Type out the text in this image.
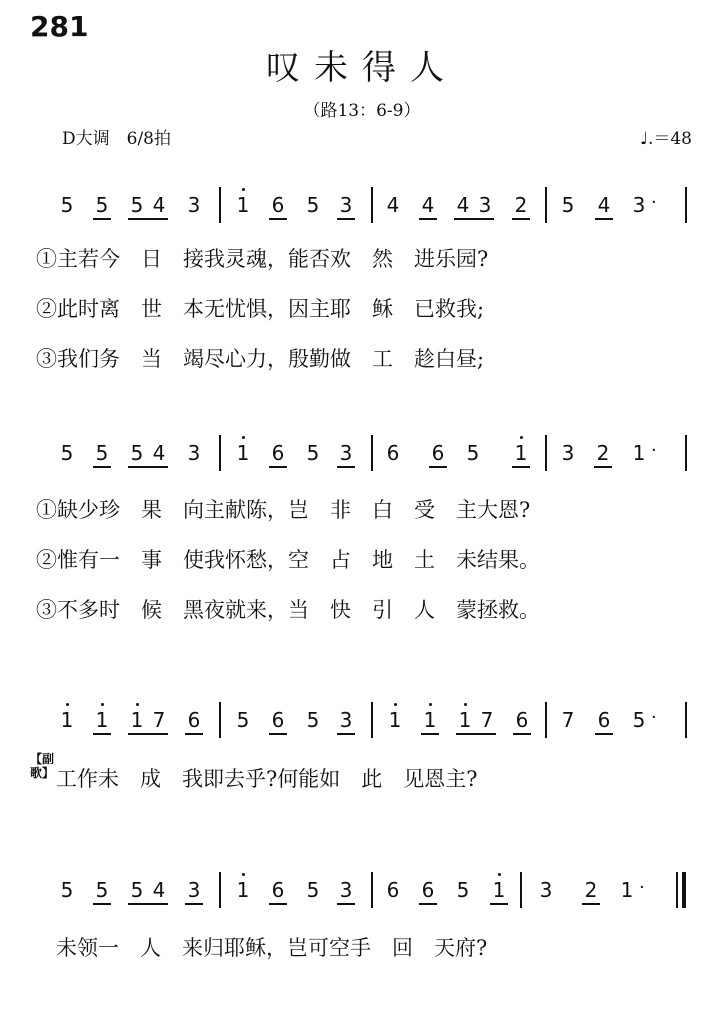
281
叹未得人
（路13：6-9）
D大调　6/8拍	♩.＝48
5 5 5 4 3 1 6 5 3 4 4 4 3 2 5 4 3 ·
①主若今　日　接我灵魂，能否欢　然　进乐园?
②此时离　世　本无忧惧，因主耶　稣　已救我;
③我们务　当　竭尽心力，殷勤做　工　趁白昼;
5 5 5 4 3 1 6 5 3 6 6 5 1 3 2 1 ·
①缺少珍　果　向主献陈，岂　非　白　受　主大恩?
②惟有一　事　使我怀愁，空　占　地　土　未结果。
③不多时　候　黑夜就来，当　快　引　人　蒙拯救。
1 1 1 7 6 5 6 5 3 1 1 1 7 6 7 6 5 ·
【副歌】 工作未　成　我即去乎?何能如　此　见恩主?
5 5 5 4 3 1 6 5 3 6 6 5 1 3 2 1 ·
未领一　人　来归耶稣，岂可空手　回　天府?
